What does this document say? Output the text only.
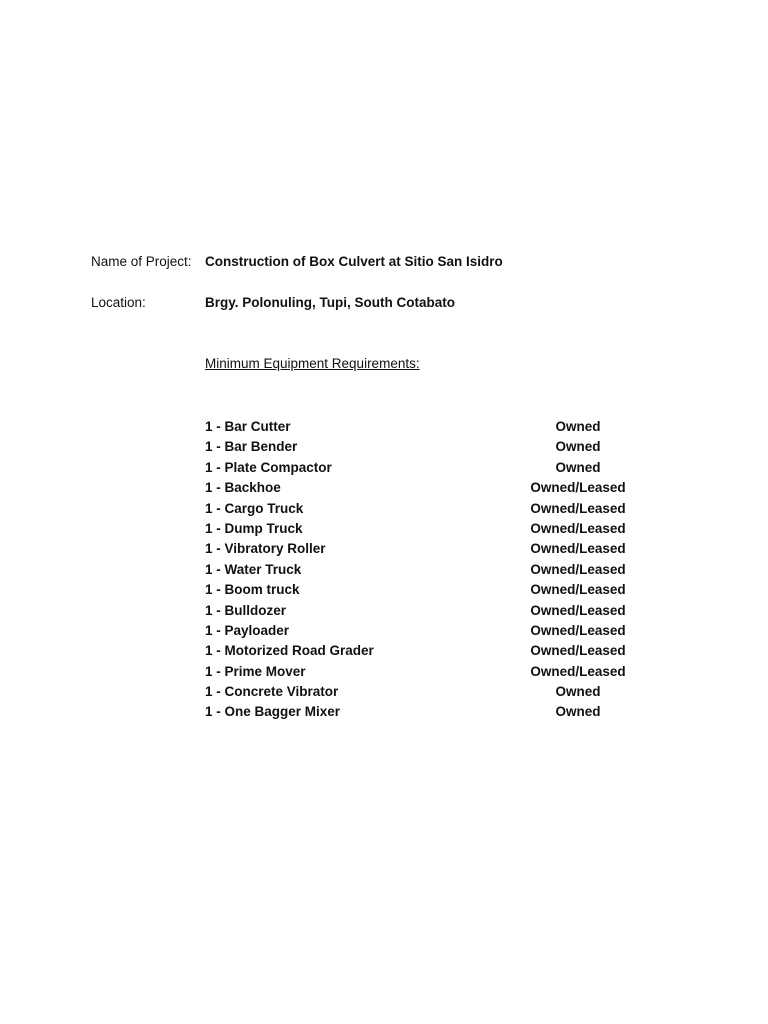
Name of Project: Construction of Box Culvert at Sitio San Isidro
Location:	Brgy. Polonuling, Tupi, South Cotabato
Minimum Equipment Requirements:
1 - Bar Cutter	Owned
1 - Bar Bender	Owned
1 - Plate Compactor	Owned
1 - Backhoe	Owned/Leased
1 - Cargo Truck	Owned/Leased
1 - Dump Truck	Owned/Leased
1 - Vibratory Roller	Owned/Leased
1 - Water Truck	Owned/Leased
1 - Boom truck	Owned/Leased
1 - Bulldozer	Owned/Leased
1 - Payloader	Owned/Leased
1 - Motorized Road Grader	Owned/Leased
1 - Prime Mover	Owned/Leased
1 - Concrete Vibrator	Owned
1 - One Bagger Mixer	Owned
